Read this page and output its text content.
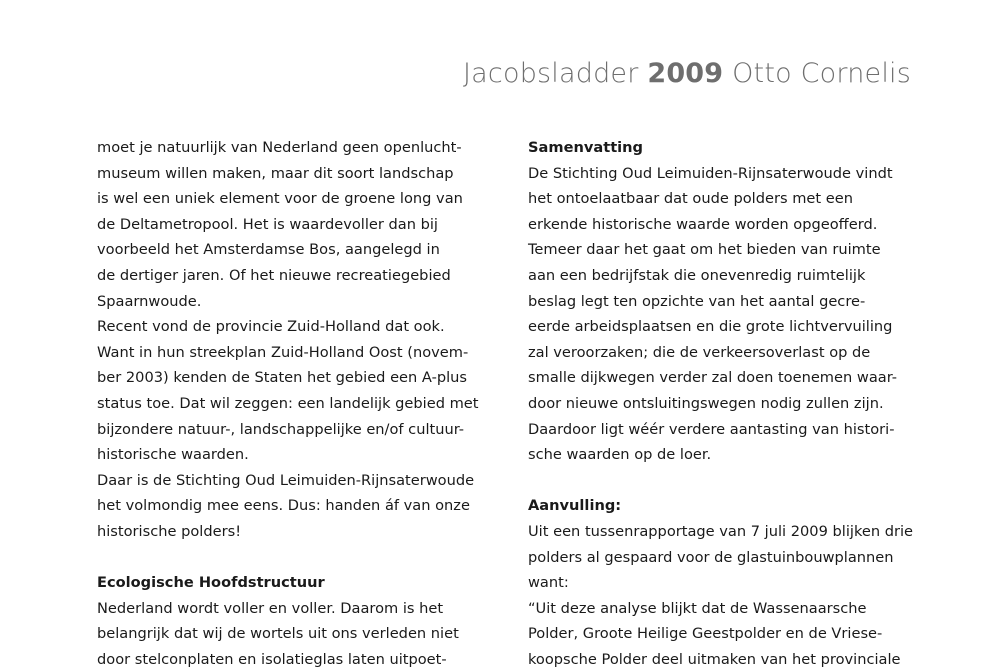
Jacobsladder 2009 Otto Cornelis
moet je natuurlijk van Nederland geen openlucht-
museum willen maken, maar dit soort landschap
is wel een uniek element voor de groene long van
de Deltametropool. Het is waardevoller dan bij
voorbeeld het Amsterdamse Bos, aangelegd in
de dertiger jaren. Of het nieuwe recreatiegebied
Spaarnwoude.
Recent vond de provincie Zuid-Holland dat ook.
Want in hun streekplan Zuid-Holland Oost (novem-
ber 2003) kenden de Staten het gebied een A-plus
status toe. Dat wil zeggen: een landelijk gebied met
bijzondere natuur-, landschappelijke en/of cultuur-
historische waarden.
Daar is de Stichting Oud Leimuiden-Rijnsaterwoude
het volmondig mee eens. Dus: handen áf van onze
historische polders!
Ecologische Hoofdstructuur
Nederland wordt voller en voller. Daarom is het
belangrijk dat wij de wortels uit ons verleden niet
door stelconplaten en isolatieglas laten uitpoet-
Samenvatting
De Stichting Oud Leimuiden-Rijnsaterwoude vindt
het ontoelaatbaar dat oude polders met een
erkende historische waarde worden opgeofferd.
Temeer daar het gaat om het bieden van ruimte
aan een bedrijfstak die onevenredig ruimtelijk
beslag legt ten opzichte van het aantal gecre-
eerde arbeidsplaatsen en die grote lichtvervuiling
zal veroorzaken; die de verkeersoverlast op de
smalle dijkwegen verder zal doen toenemen waar-
door nieuwe ontsluitingswegen nodig zullen zijn.
Daardoor ligt wéér verdere aantasting van histori-
sche waarden op de loer.
Aanvulling:
Uit een tussenrapportage van 7 juli 2009 blijken drie
polders al gespaard voor de glastuinbouwplannen
want:
“Uit deze analyse blijkt dat de Wassenaarsche
Polder, Groote Heilige Geestpolder en de Vriese-
koopsche Polder deel uitmaken van het provinciale
